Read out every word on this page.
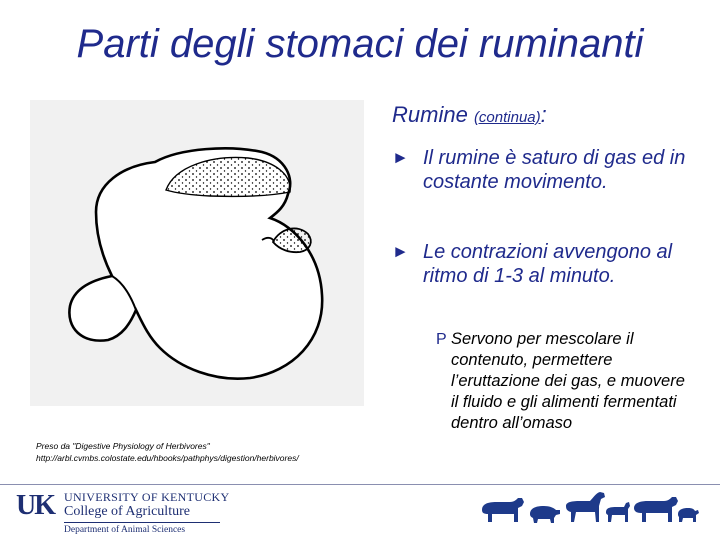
Parti degli stomaci dei ruminanti
Preso da "Digestive Physiology of Herbivores"
http://arbl.cvmbs.colostate.edu/hbooks/pathphys/digestion/herbivores/
Rumine (continua):
► Il rumine è saturo di gas ed in costante movimento.
► Le contrazioni avvengono al ritmo di 1-3 al minuto.
P Servono per mescolare il contenuto, permettere l’eruttazione dei gas, e muovere il fluido e gli alimenti fermentati dentro all’omaso
UK UNIVERSITY OF KENTUCKY
College of Agriculture
Department of Animal Sciences
